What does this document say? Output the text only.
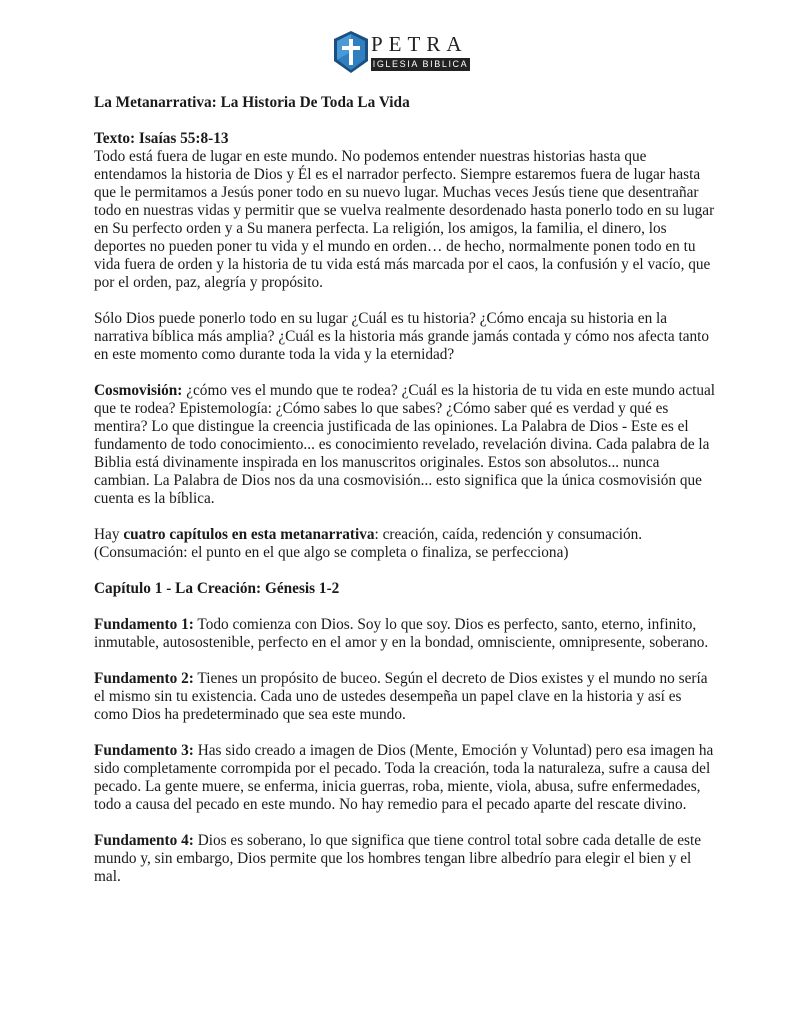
PETRA
IGLESIA BIBLICA

La Metanarrativa: La Historia De Toda La Vida

Texto: Isaías 55:8-13

Todo está fuera de lugar en este mundo. No podemos entender nuestras historias hasta que entendamos la historia de Dios y Él es el narrador perfecto. Siempre estaremos fuera de lugar hasta que le permitamos a Jesús poner todo en su nuevo lugar. Muchas veces Jesús tiene que desentrañar todo en nuestras vidas y permitir que se vuelva realmente desordenado hasta ponerlo todo en su lugar en Su perfecto orden y a Su manera perfecta. La religión, los amigos, la familia, el dinero, los deportes no pueden poner tu vida y el mundo en orden… de hecho, normalmente ponen todo en tu vida fuera de orden y la historia de tu vida está más marcada por el caos, la confusión y el vacío, que por el orden, paz, alegría y propósito.

Sólo Dios puede ponerlo todo en su lugar ¿Cuál es tu historia? ¿Cómo encaja su historia en la narrativa bíblica más amplia? ¿Cuál es la historia más grande jamás contada y cómo nos afecta tanto en este momento como durante toda la vida y la eternidad?

Cosmovisión: ¿cómo ves el mundo que te rodea? ¿Cuál es la historia de tu vida en este mundo actual que te rodea? Epistemología: ¿Cómo sabes lo que sabes? ¿Cómo saber qué es verdad y qué es mentira? Lo que distingue la creencia justificada de las opiniones. La Palabra de Dios - Este es el fundamento de todo conocimiento... es conocimiento revelado, revelación divina. Cada palabra de la Biblia está divinamente inspirada en los manuscritos originales. Estos son absolutos... nunca cambian. La Palabra de Dios nos da una cosmovisión... esto significa que la única cosmovisión que cuenta es la bíblica.

Hay cuatro capítulos en esta metanarrativa: creación, caída, redención y consumación. (Consumación: el punto en el que algo se completa o finaliza, se perfecciona)

Capítulo 1 - La Creación: Génesis 1-2

Fundamento 1: Todo comienza con Dios. Soy lo que soy. Dios es perfecto, santo, eterno, infinito, inmutable, autosostenible, perfecto en el amor y en la bondad, omnisciente, omnipresente, soberano.

Fundamento 2: Tienes un propósito de buceo. Según el decreto de Dios existes y el mundo no sería el mismo sin tu existencia. Cada uno de ustedes desempeña un papel clave en la historia y así es como Dios ha predeterminado que sea este mundo.

Fundamento 3: Has sido creado a imagen de Dios (Mente, Emoción y Voluntad) pero esa imagen ha sido completamente corrompida por el pecado. Toda la creación, toda la naturaleza, sufre a causa del pecado. La gente muere, se enferma, inicia guerras, roba, miente, viola, abusa, sufre enfermedades, todo a causa del pecado en este mundo. No hay remedio para el pecado aparte del rescate divino.

Fundamento 4: Dios es soberano, lo que significa que tiene control total sobre cada detalle de este mundo y, sin embargo, Dios permite que los hombres tengan libre albedrío para elegir el bien y el mal.
